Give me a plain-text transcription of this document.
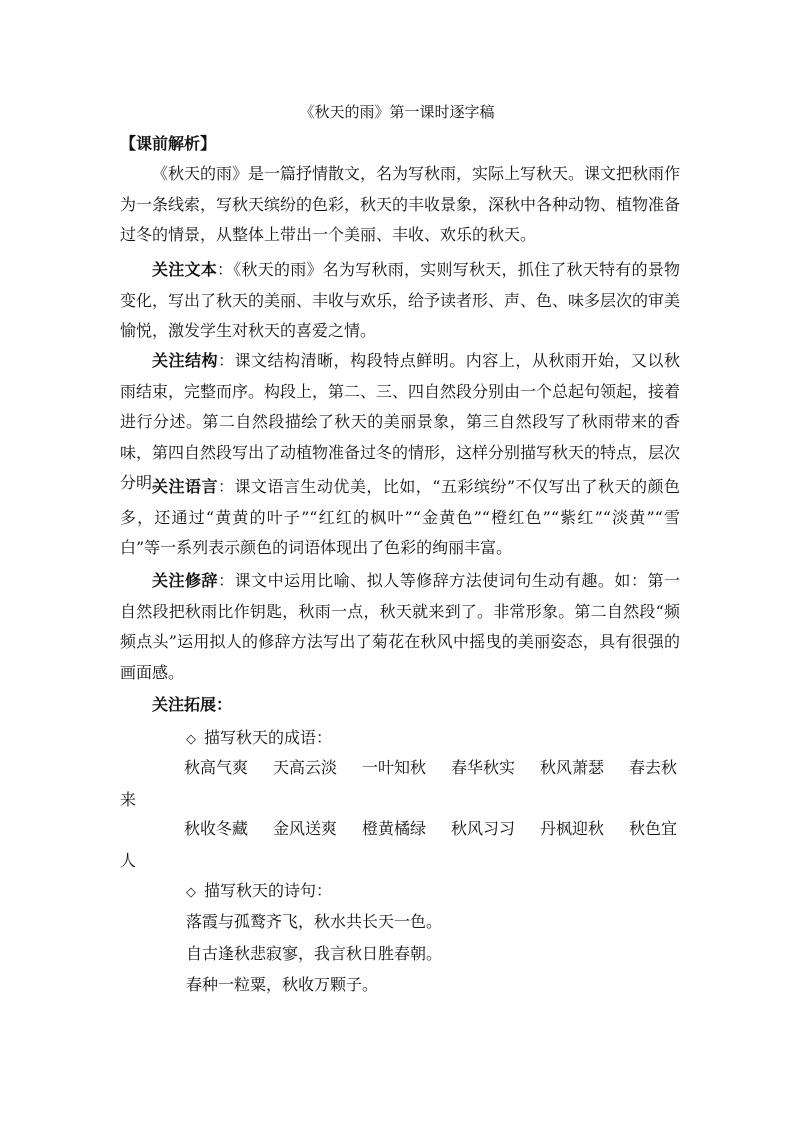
《秋天的雨》第一课时逐字稿
【课前解析】

《秋天的雨》是一篇抒情散文，名为写秋雨，实际上写秋天。课文把秋雨作为一条线索，写秋天缤纷的色彩，秋天的丰收景象，深秋中各种动物、植物准备过冬的情景，从整体上带出一个美丽、丰收、欢乐的秋天。

关注文本：《秋天的雨》名为写秋雨，实则写秋天，抓住了秋天特有的景物变化，写出了秋天的美丽、丰收与欢乐，给予读者形、声、色、味多层次的审美愉悦，激发学生对秋天的喜爱之情。

关注结构：课文结构清晰，构段特点鲜明。内容上，从秋雨开始，又以秋雨结束，完整而序。构段上，第二、三、四自然段分别由一个总起句领起，接着进行分述。第二自然段描绘了秋天的美丽景象，第三自然段写了秋雨带来的香味，第四自然段写出了动植物准备过冬的情形，这样分别描写秋天的特点，层次分明。

关注语言：课文语言生动优美，比如，“五彩缤纷”不仅写出了秋天的颜色多，还通过“黄黄的叶子”“红红的枫叶”“金黄色”“橙红色”“紫红”“淡黄”“雪白”等一系列表示颜色的词语体现出了色彩的绚丽丰富。

关注修辞：课文中运用比喻、拟人等修辞方法使词句生动有趣。如：第一自然段把秋雨比作钥匙，秋雨一点，秋天就来到了。非常形象。第二自然段“频频点头”运用拟人的修辞方法写出了菊花在秋风中摇曳的美丽姿态，具有很强的画面感。

关注拓展：
◇ 描写秋天的成语：
秋高气爽	天高云淡	一叶知秋	春华秋实	秋风萧瑟	春去秋
来
秋收冬藏	金风送爽	橙黄橘绿	秋风习习	丹枫迎秋	秋色宜
人
◇ 描写秋天的诗句：
落霞与孤鹜齐飞，秋水共长天一色。
自古逢秋悲寂寥，我言秋日胜春朝。
春种一粒粟，秋收万颗子。
